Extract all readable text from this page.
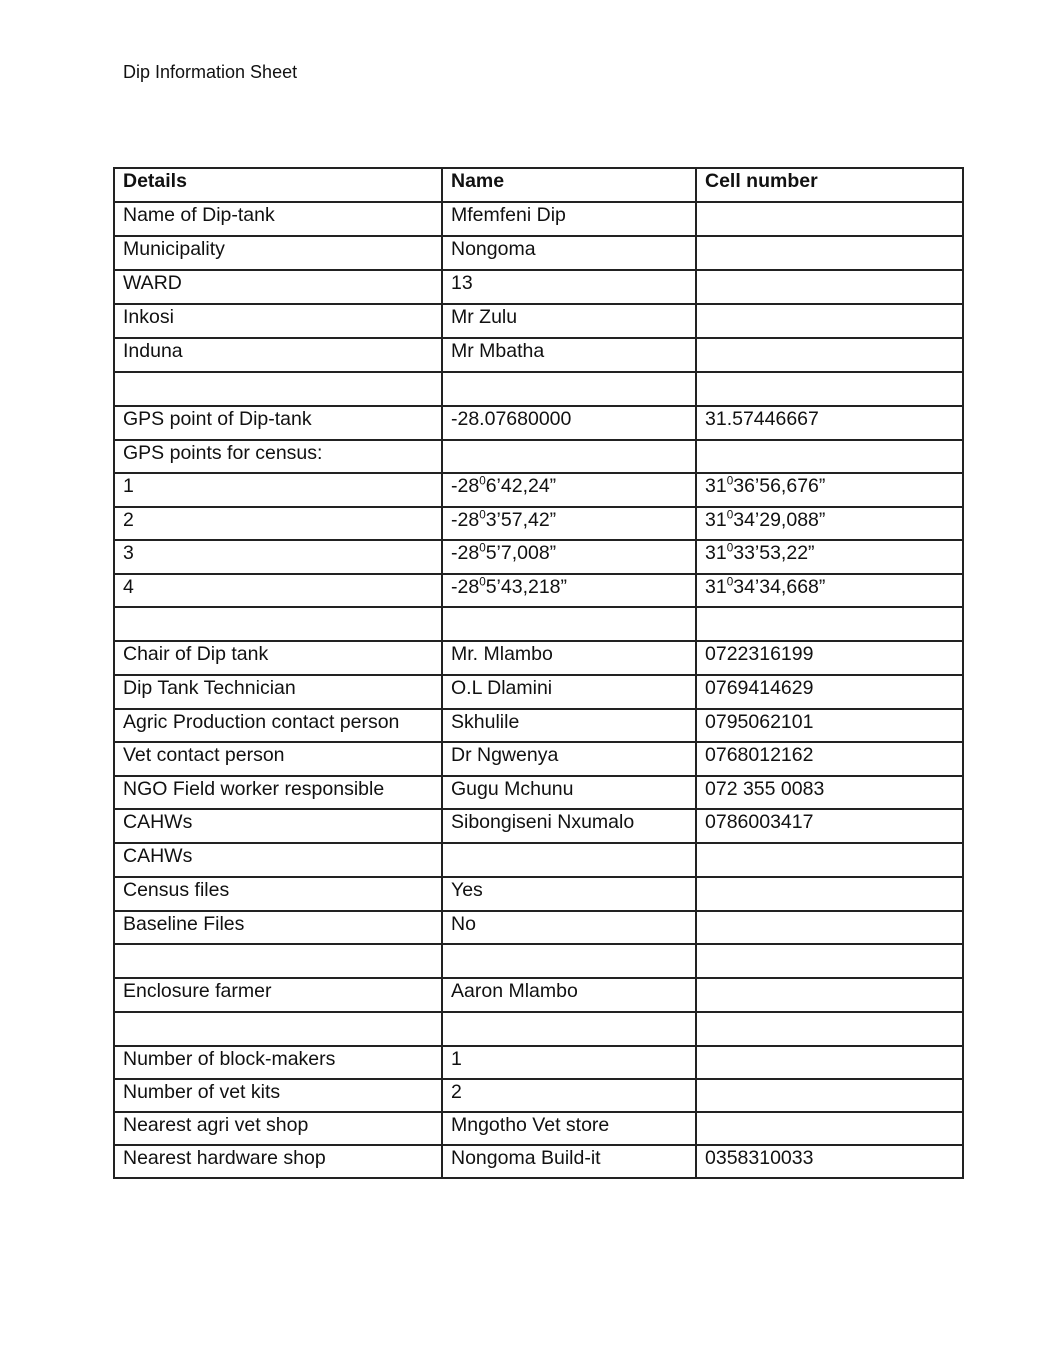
Dip Information Sheet
Details	Name	Cell number
Name of Dip-tank	Mfemfeni Dip	
Municipality	Nongoma	
WARD	13	
Inkosi	Mr Zulu	
Induna	Mr Mbatha	

GPS point of Dip-tank	-28.07680000	31.57446667
GPS points for census:		
1	$-28^06’42,24$”	$31^036’56,676$”
2	$-28^03’57,42$”	$31^034’29,088$”
3	$-28^05’7,008$”	$31^033’53,22$”
4	$-28^05’43,218$”	$31^034’34,668$”

Chair of Dip tank	Mr. Mlambo	0722316199
Dip Tank Technician	O.L Dlamini	0769414629
Agric Production contact person	Skhulile	0795062101
Vet contact person	Dr Ngwenya	0768012162
NGO Field worker responsible	Gugu Mchunu	072 355 0083
CAHWs	Sibongiseni Nxumalo	0786003417
CAHWs		
Census files	Yes	
Baseline Files	No	

Enclosure farmer	Aaron Mlambo	

Number of block-makers	1	
Number of vet kits	2	
Nearest agri vet shop	Mngotho Vet store	
Nearest hardware shop	Nongoma Build-it	0358310033
